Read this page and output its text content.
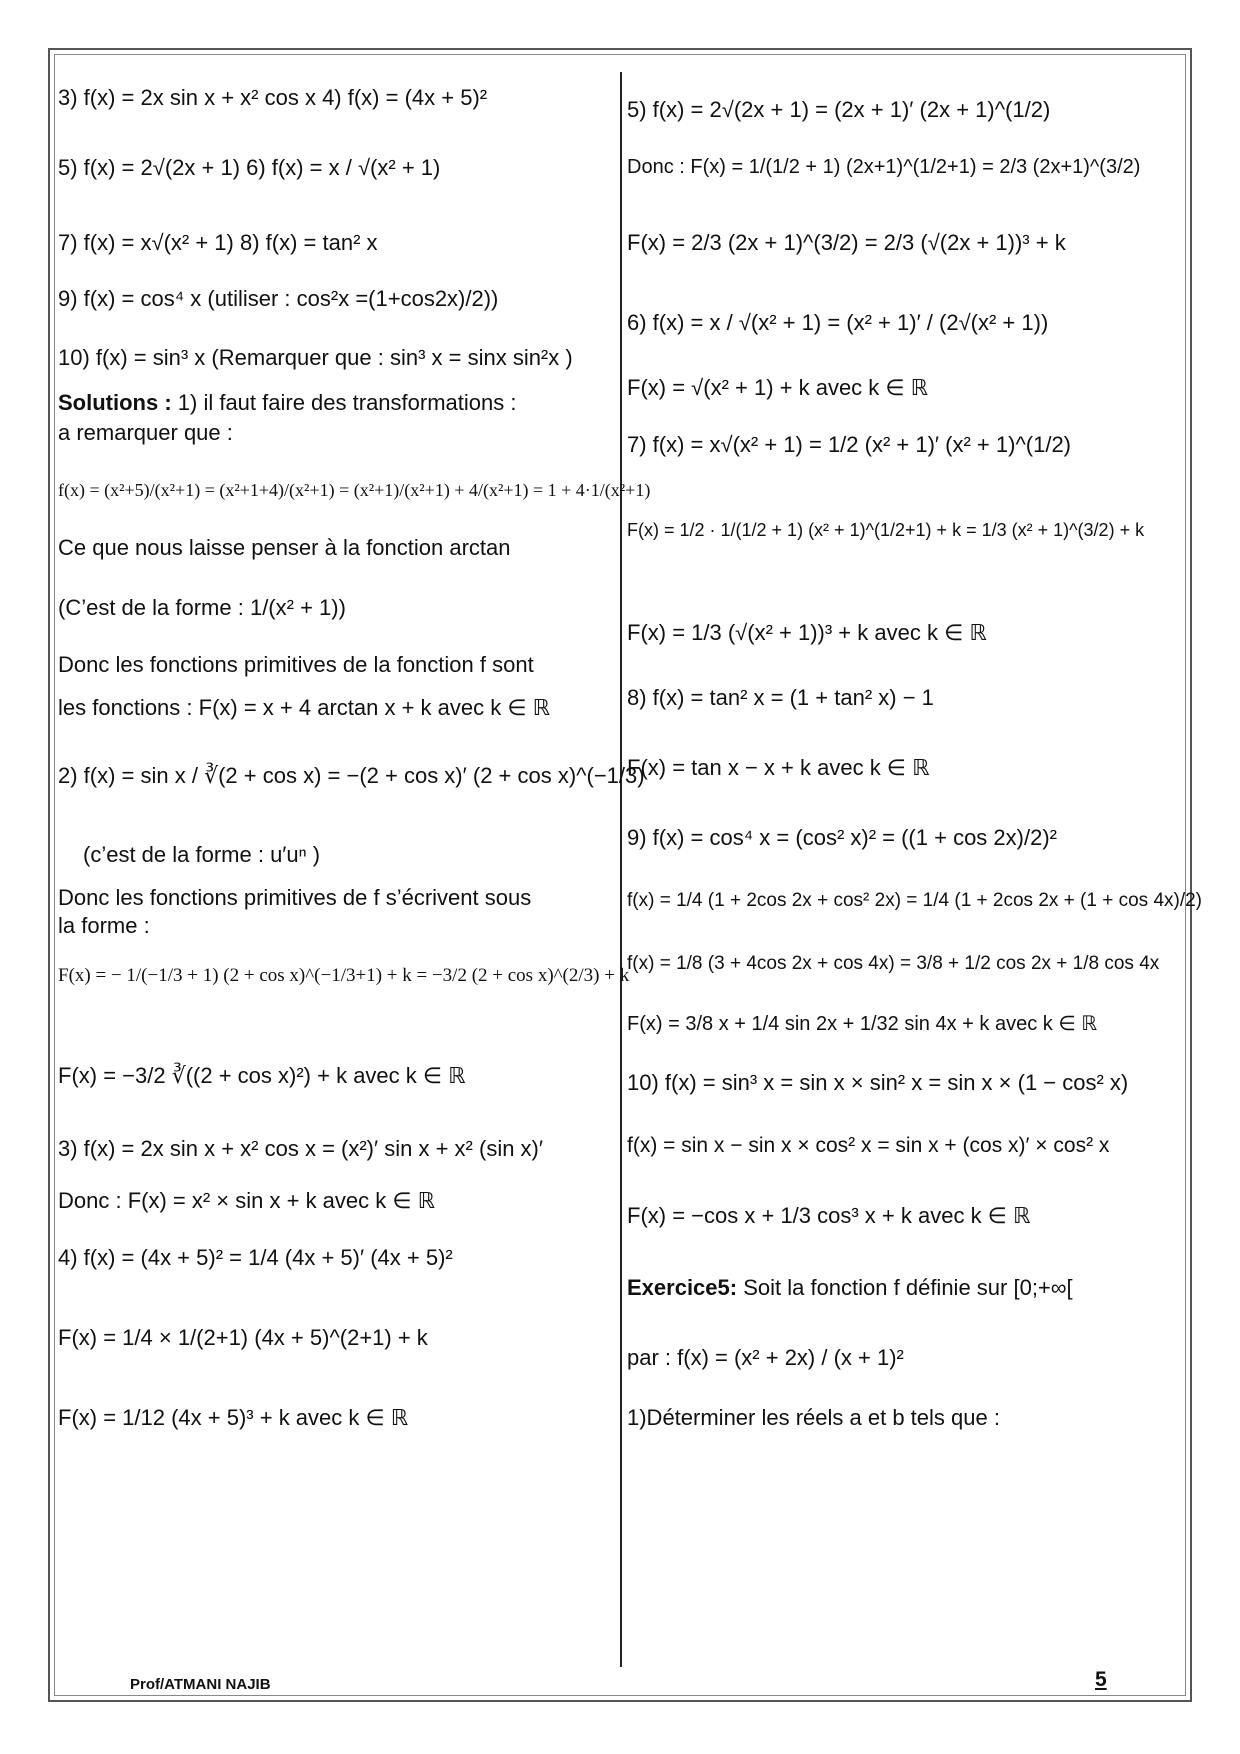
3) f(x) = 2x sin x + x² cos x 4) f(x) = (4x + 5)²
5) f(x) = 2√(2x + 1) 6) f(x) = x / √(x² + 1)
7) f(x) = x√(x² + 1) 8) f(x) = tan² x
9) f(x) = cos⁴ x (utiliser : cos²x =(1+cos2x)/2))
10) f(x) = sin³ x (Remarquer que : sin³ x = sinx sin²x )
Solutions : 1) il faut faire des transformations :
a remarquer que :
f(x) = (x²+5)/(x²+1) = (x²+1+4)/(x²+1) = (x²+1)/(x²+1) + 4/(x²+1) = 1 + 4·1/(x²+1)
Ce que nous laisse penser à la fonction arctan
(C’est de la forme : 1/(x² + 1))
Donc les fonctions primitives de la fonction f sont
les fonctions : F(x) = x + 4 arctan x + k avec k ∈ ℝ
2) f(x) = sin x / ∛(2 + cos x) = −(2 + cos x)′ (2 + cos x)^(−1/3)
(c’est de la forme : u′uⁿ )
Donc les fonctions primitives de f s’écrivent sous
la forme :
F(x) = − 1/(−1/3 + 1) (2 + cos x)^(−1/3+1) + k = −3/2 (2 + cos x)^(2/3) + k
F(x) = −3/2 ∛((2 + cos x)²) + k avec k ∈ ℝ
3) f(x) = 2x sin x + x² cos x = (x²)′ sin x + x² (sin x)′
Donc : F(x) = x² × sin x + k avec k ∈ ℝ
4) f(x) = (4x + 5)² = 1/4 (4x + 5)′ (4x + 5)²
F(x) = 1/4 × 1/(2+1) (4x + 5)^(2+1) + k
F(x) = 1/12 (4x + 5)³ + k avec k ∈ ℝ
5) f(x) = 2√(2x + 1) = (2x + 1)′ (2x + 1)^(1/2)
Donc : F(x) = 1/(1/2 + 1) (2x+1)^(1/2+1) = 2/3 (2x+1)^(3/2)
F(x) = 2/3 (2x + 1)^(3/2) = 2/3 (√(2x + 1))³ + k
6) f(x) = x / √(x² + 1) = (x² + 1)′ / (2√(x² + 1))
F(x) = √(x² + 1) + k avec k ∈ ℝ
7) f(x) = x√(x² + 1) = 1/2 (x² + 1)′ (x² + 1)^(1/2)
F(x) = 1/2 · 1/(1/2 + 1) (x² + 1)^(1/2+1) + k = 1/3 (x² + 1)^(3/2) + k
F(x) = 1/3 (√(x² + 1))³ + k avec k ∈ ℝ
8) f(x) = tan² x = (1 + tan² x) − 1
F(x) = tan x − x + k avec k ∈ ℝ
9) f(x) = cos⁴ x = (cos² x)² = ((1 + cos 2x)/2)²
f(x) = 1/4 (1 + 2cos 2x + cos² 2x) = 1/4 (1 + 2cos 2x + (1 + cos 4x)/2)
f(x) = 1/8 (3 + 4cos 2x + cos 4x) = 3/8 + 1/2 cos 2x + 1/8 cos 4x
F(x) = 3/8 x + 1/4 sin 2x + 1/32 sin 4x + k avec k ∈ ℝ
10) f(x) = sin³ x = sin x × sin² x = sin x × (1 − cos² x)
f(x) = sin x − sin x × cos² x = sin x + (cos x)′ × cos² x
F(x) = −cos x + 1/3 cos³ x + k avec k ∈ ℝ
Exercice5: Soit la fonction f définie sur [0;+∞[
par : f(x) = (x² + 2x) / (x + 1)²
1)Déterminer les réels a et b tels que :
Prof/ATMANI NAJIB	5
